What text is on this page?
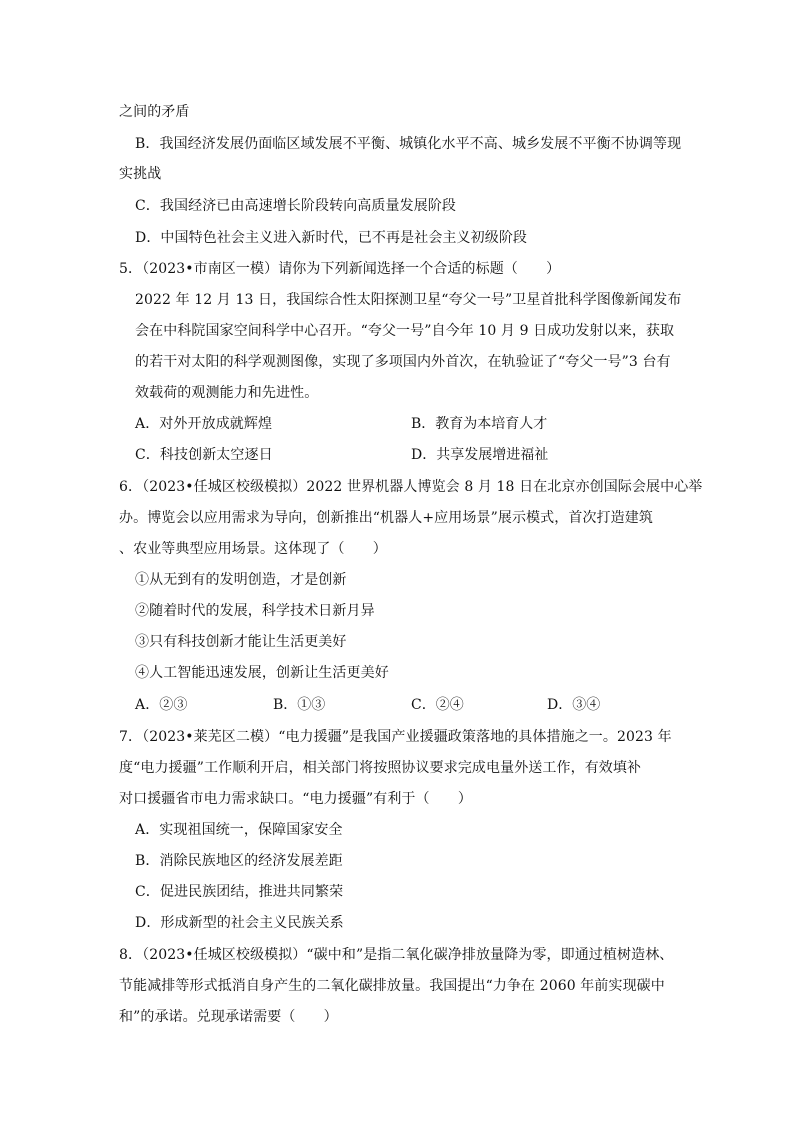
之间的矛盾
B．我国经济发展仍面临区域发展不平衡、城镇化水平不高、城乡发展不平衡不协调等现
实挑战
C．我国经济已由高速增长阶段转向高质量发展阶段
D．中国特色社会主义进入新时代，已不再是社会主义初级阶段
5．（2023•市南区一模）请你为下列新闻选择一个合适的标题（　　）
2022 年 12 月 13 日，我国综合性太阳探测卫星“夸父一号”卫星首批科学图像新闻发布
会在中科院国家空间科学中心召开。“夸父一号”自今年 10 月 9 日成功发射以来，获取
的若干对太阳的科学观测图像，实现了多项国内外首次，在轨验证了“夸父一号”3 台有
效载荷的观测能力和先进性。
A．对外开放成就辉煌	B．教育为本培育人才
C．科技创新太空逐日	D．共享发展增进福祉
6．（2023•任城区校级模拟）2022 世界机器人博览会 8 月 18 日在北京亦创国际会展中心举
办。博览会以应用需求为导向，创新推出“机器人+应用场景”展示模式，首次打造建筑
、农业等典型应用场景。这体现了（　　）
①从无到有的发明创造，才是创新
②随着时代的发展，科学技术日新月异
③只有科技创新才能让生活更美好
④人工智能迅速发展，创新让生活更美好
A．②③	B．①③	C．②④	D．③④
7．（2023•莱芜区二模）“电力援疆”是我国产业援疆政策落地的具体措施之一。2023 年
度“电力援疆”工作顺利开启，相关部门将按照协议要求完成电量外送工作，有效填补
对口援疆省市电力需求缺口。“电力援疆”有利于（　　）
A．实现祖国统一，保障国家安全
B．消除民族地区的经济发展差距
C．促进民族团结，推进共同繁荣
D．形成新型的社会主义民族关系
8．（2023•任城区校级模拟）“碳中和”是指二氧化碳净排放量降为零，即通过植树造林、
节能减排等形式抵消自身产生的二氧化碳排放量。我国提出“力争在 2060 年前实现碳中
和”的承诺。兑现承诺需要（　　）
